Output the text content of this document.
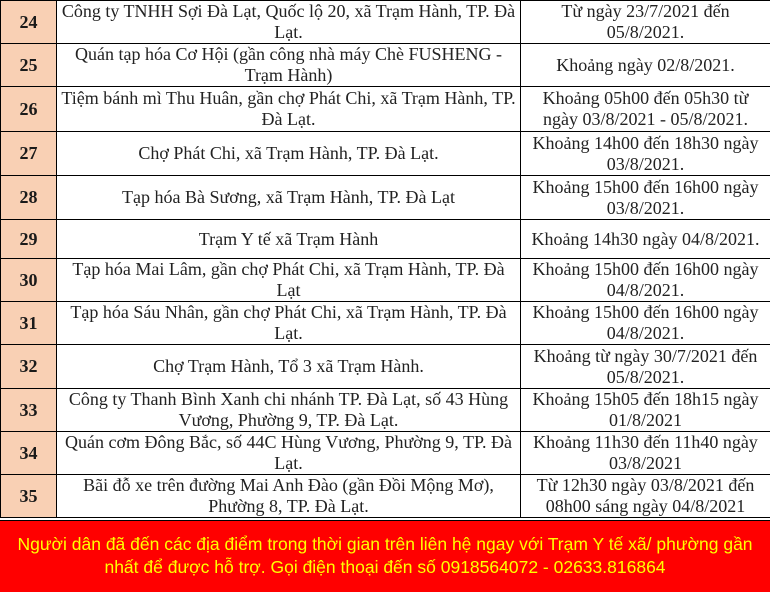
24	Công ty TNHH Sợi Đà Lạt, Quốc lộ 20, xã Trạm Hành, TP. Đà Lạt.	Từ ngày 23/7/2021 đến 05/8/2021.
25	Quán tạp hóa Cơ Hội (gần công nhà máy Chè FUSHENG -Trạm Hành)	Khoảng ngày 02/8/2021.
26	Tiệm bánh mì Thu Huân, gần chợ Phát Chi, xã Trạm Hành, TP. Đà Lạt.	Khoảng 05h00 đến 05h30 từ ngày 03/8/2021 - 05/8/2021.
27	Chợ Phát Chi, xã Trạm Hành, TP. Đà Lạt.	Khoảng 14h00 đến 18h30 ngày 03/8/2021.
28	Tạp hóa Bà Sương, xã Trạm Hành, TP. Đà Lạt	Khoảng 15h00 đến 16h00 ngày 03/8/2021.
29	Trạm Y tế xã Trạm Hành	Khoảng 14h30 ngày 04/8/2021.
30	Tạp hóa Mai Lâm, gần chợ Phát Chi, xã Trạm Hành, TP. Đà Lạt	Khoảng 15h00 đến 16h00 ngày 04/8/2021.
31	Tạp hóa Sáu Nhân, gần chợ Phát Chi, xã Trạm Hành, TP. Đà Lạt.	Khoảng 15h00 đến 16h00 ngày 04/8/2021.
32	Chợ Trạm Hành, Tổ 3 xã Trạm Hành.	Khoảng từ ngày 30/7/2021 đến 05/8/2021.
33	Công ty Thanh Bình Xanh chi nhánh TP. Đà Lạt, số 43 Hùng Vương, Phường 9, TP. Đà Lạt.	Khoảng 15h05 đến 18h15 ngày 01/8/2021
34	Quán cơm Đông Bắc, số 44C Hùng Vương, Phường 9, TP. Đà Lạt.	Khoảng 11h30 đến 11h40 ngày 03/8/2021
35	Bãi đỗ xe trên đường Mai Anh Đào (gần Đồi Mộng Mơ), Phường 8, TP. Đà Lạt.	Từ 12h30 ngày 03/8/2021 đến 08h00 sáng ngày 04/8/2021
Người dân đã đến các địa điểm trong thời gian trên liên hệ ngay với Trạm Y tế xã/ phường gần nhất để được hỗ trợ. Gọi điện thoại đến số 0918564072 - 02633.816864
